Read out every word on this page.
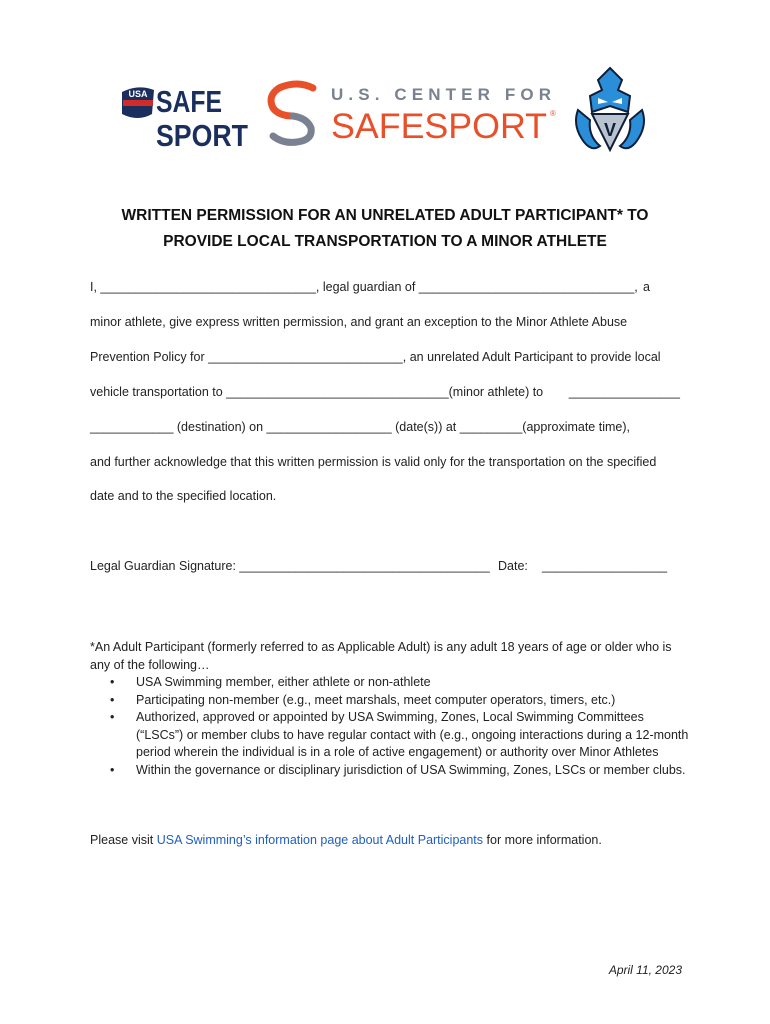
USA SAFE
SPORT
U.S. CENTER FOR
SAFESPORT ®
V
WRITTEN PERMISSION FOR AN UNRELATED ADULT PARTICIPANT* TO
PROVIDE LOCAL TRANSPORTATION TO A MINOR ATHLETE
I, _______________________________, legal guardian of _______________________________, a
minor athlete, give express written permission, and grant an exception to the Minor Athlete Abuse
Prevention Policy for ____________________________, an unrelated Adult Participant to provide local
vehicle transportation to ________________________________(minor athlete) to	________________
____________ (destination) on __________________ (date(s)) at _________(approximate time),
and further acknowledge that this written permission is valid only for the transportation on the specified
date and to the specified location.
Legal Guardian Signature: ____________________________________ Date: __________________
*An Adult Participant (formerly referred to as Applicable Adult) is any adult 18 years of age or older who is any of the following…
• USA Swimming member, either athlete or non-athlete
• Participating non-member (e.g., meet marshals, meet computer operators, timers, etc.)
• Authorized, approved or appointed by USA Swimming, Zones, Local Swimming Committees (“LSCs”) or member clubs to have regular contact with (e.g., ongoing interactions during a 12-month period wherein the individual is in a role of active engagement) or authority over Minor Athletes
• Within the governance or disciplinary jurisdiction of USA Swimming, Zones, LSCs or member clubs.
Please visit USA Swimming’s information page about Adult Participants for more information.
April 11, 2023
